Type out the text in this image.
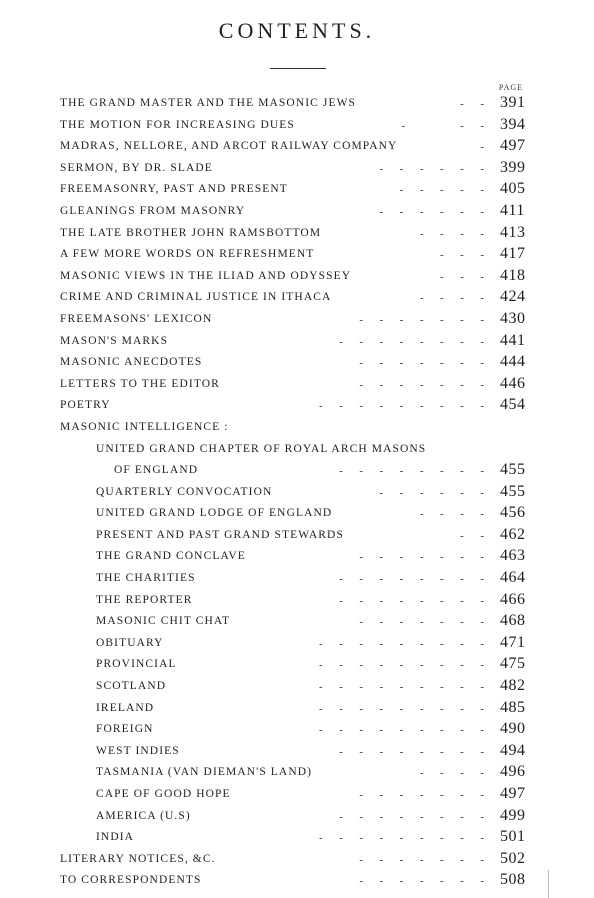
CONTENTS.
PAGE
THE GRAND MASTER AND THE MASONIC JEWS	-      - 391
THE MOTION FOR INCREASING DUES	-                    -      - 394
MADRAS, NELLORE, AND ARCOT RAILWAY COMPANY	- 497
SERMON, BY DR. SLADE	-      -      -      -      -      - 399
FREEMASONRY, PAST AND PRESENT	-      -      -      -      - 405
GLEANINGS FROM MASONRY	-      -      -      -      -      - 411
THE LATE BROTHER JOHN RAMSBOTTOM	-      -      -      - 413
A FEW MORE WORDS ON REFRESHMENT	-      -      - 417
MASONIC VIEWS IN THE ILIAD AND ODYSSEY	-      -      - 418
CRIME AND CRIMINAL JUSTICE IN ITHACA	-      -      -      - 424
FREEMASONS' LEXICON	-      -      -      -      -      -      - 430
MASON'S MARKS	-      -      -      -      -      -      -      - 441
MASONIC ANECDOTES	-      -      -      -      -      -      - 444
LETTERS TO THE EDITOR	-      -      -      -      -      -      - 446
POETRY	-      -      -      -      -      -      -      -      - 454
MASONIC INTELLIGENCE :
UNITED GRAND CHAPTER OF ROYAL ARCH MASONS
OF ENGLAND	-      -      -      -      -      -      -      - 455
QUARTERLY CONVOCATION	-      -      -      -      -      - 455
UNITED GRAND LODGE OF ENGLAND	-      -      -      - 456
PRESENT AND PAST GRAND STEWARDS	-      - 462
THE GRAND CONCLAVE	-      -      -      -      -      -      - 463
THE CHARITIES	-      -      -      -      -      -      -      - 464
THE REPORTER	-      -      -      -      -      -      -      - 466
MASONIC CHIT CHAT	-      -      -      -      -      -      - 468
OBITUARY	-      -      -      -      -      -      -      -      - 471
PROVINCIAL	-      -      -      -      -      -      -      -      - 475
SCOTLAND	-      -      -      -      -      -      -      -      - 482
IRELAND	-      -      -      -      -      -      -      -      - 485
FOREIGN	-      -      -      -      -      -      -      -      - 490
WEST INDIES	-      -      -      -      -      -      -      - 494
TASMANIA (VAN DIEMAN'S LAND)	-      -      -      - 496
CAPE OF GOOD HOPE	-      -      -      -      -      -      - 497
AMERICA (U.S)	-      -      -      -      -      -      -      - 499
INDIA	-      -      -      -      -      -      -      -      - 501
LITERARY NOTICES, &C.	-      -      -      -      -      -      - 502
TO CORRESPONDENTS	-      -      -      -      -      -      - 508
